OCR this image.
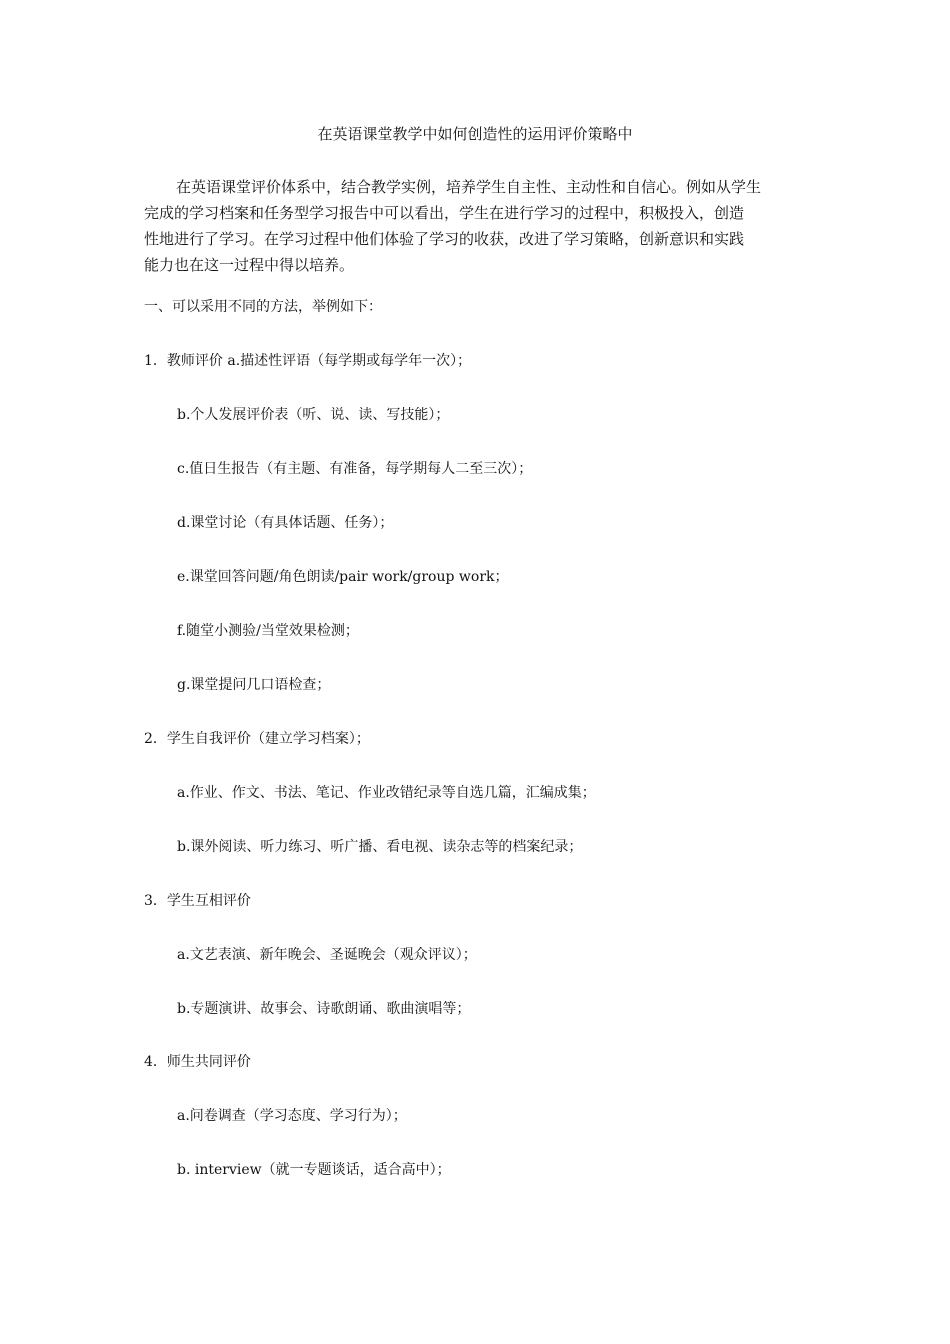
在英语课堂教学中如何创造性的运用评价策略中

在英语课堂评价体系中，结合教学实例，培养学生自主性、主动性和自信心。例如从学生
完成的学习档案和任务型学习报告中可以看出，学生在进行学习的过程中，积极投入，创造
性地进行了学习。在学习过程中他们体验了学习的收获，改进了学习策略，创新意识和实践
能力也在这一过程中得以培养。

一、可以采用不同的方法，举例如下：
1．教师评价 a.描述性评语（每学期或每学年一次）；
b.个人发展评价表（听、说、读、写技能）；
c.值日生报告（有主题、有准备，每学期每人二至三次）；
d.课堂讨论（有具体话题、任务）；
e.课堂回答问题/角色朗读/pair work/group work；
f.随堂小测验/当堂效果检测；
g.课堂提问几口语检查；
2．学生自我评价（建立学习档案）；
a.作业、作文、书法、笔记、作业改错纪录等自选几篇，汇编成集；
b.课外阅读、听力练习、听广播、看电视、读杂志等的档案纪录；
3．学生互相评价
a.文艺表演、新年晚会、圣诞晚会（观众评议）；
b.专题演讲、故事会、诗歌朗诵、歌曲演唱等；
4．师生共同评价
a.问卷调查（学习态度、学习行为）；
b. interview（就一专题谈话，适合高中）；
